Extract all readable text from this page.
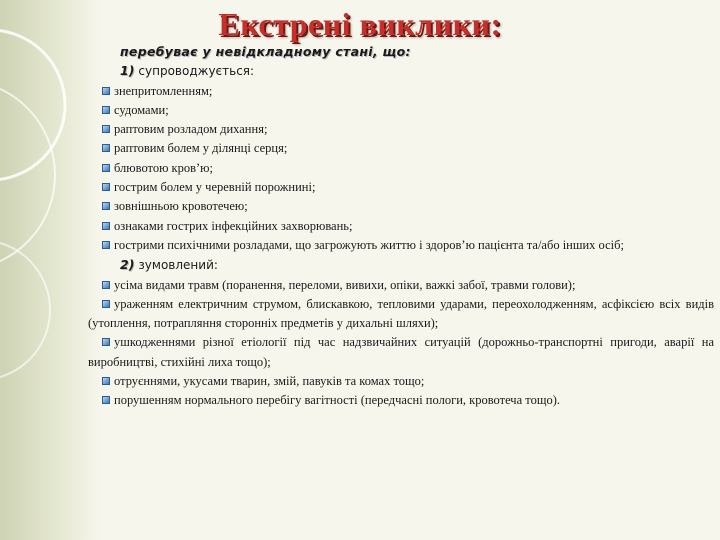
Екстрені виклики:
перебуває у невідкладному стані, що:
1) супроводжується:
знепритомленням;
судомами;
раптовим розладом дихання;
раптовим болем у ділянці серця;
блювотою кров’ю;
гострим болем у черевній порожнині;
зовнішньою кровотечею;
ознаками гострих інфекційних захворювань;
гострими психічними розладами, що загрожують життю і здоров’ю пацієнта та/або інших осіб;
2) зумовлений:
усіма видами травм (поранення, переломи, вивихи, опіки, важкі забої, травми голови);
ураженням електричним струмом, блискавкою, тепловими ударами, переохолодженням, асфіксією всіх видів (утоплення, потрапляння сторонніх предметів у дихальні шляхи);
ушкодженнями різної етіології під час надзвичайних ситуацій (дорожньо-транспортні пригоди, аварії на виробництві, стихійні лиха тощо);
отруєннями, укусами тварин, змій, павуків та комах тощо;
порушенням нормального перебігу вагітності (передчасні пологи, кровотеча тощо).
